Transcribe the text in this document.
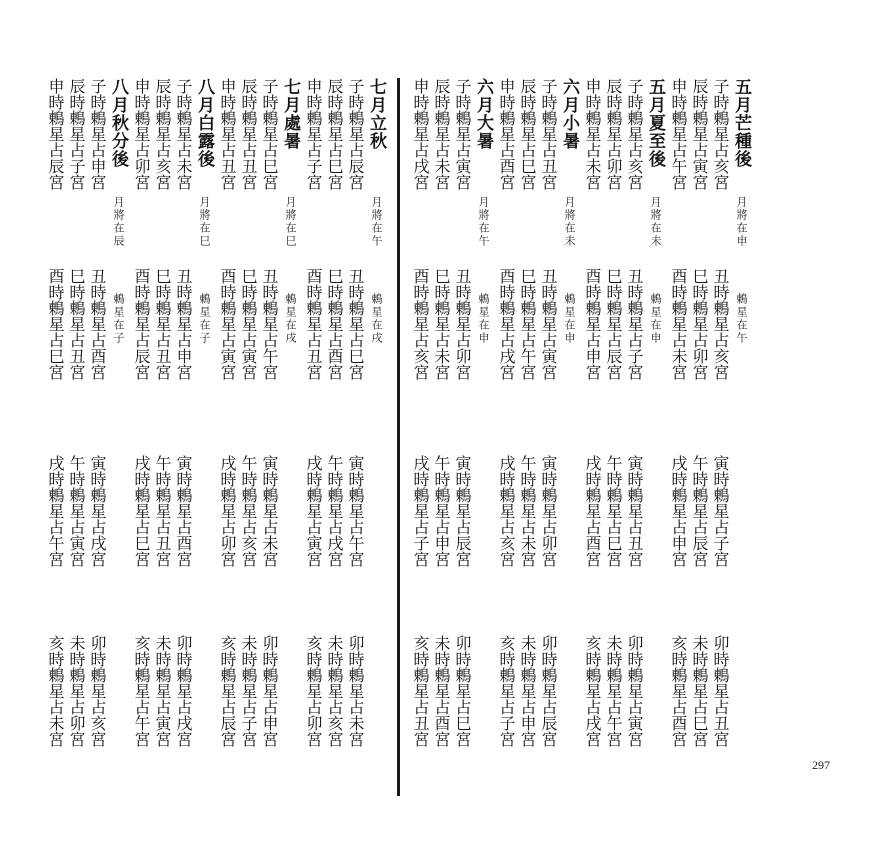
297
五月芒種後
月將在申
鶇星在午
子時鶇星占亥宮
丑時鶇星占亥宮
寅時鶇星占子宮
卯時鶇星占丑宮
辰時鶇星占寅宮
巳時鶇星占卯宮
午時鶇星占辰宮
未時鶇星占巳宮
申時鶇星占午宮
酉時鶇星占未宮
戌時鶇星占申宮
亥時鶇星占酉宮
五月夏至後
月將在未
鶇星在申
子時鶇星占亥宮
丑時鶇星占子宮
寅時鶇星占丑宮
卯時鶇星占寅宮
辰時鶇星占卯宮
巳時鶇星占辰宮
午時鶇星占巳宮
未時鶇星占午宮
申時鶇星占未宮
酉時鶇星占申宮
戌時鶇星占酉宮
亥時鶇星占戌宮
六月小暑
月將在未
鶇星在申
子時鶇星占丑宮
丑時鶇星占寅宮
寅時鶇星占卯宮
卯時鶇星占辰宮
辰時鶇星占巳宮
巳時鶇星占午宮
午時鶇星占未宮
未時鶇星占申宮
申時鶇星占酉宮
酉時鶇星占戌宮
戌時鶇星占亥宮
亥時鶇星占子宮
六月大暑
月將在午
鶇星在申
子時鶇星占寅宮
丑時鶇星占卯宮
寅時鶇星占辰宮
卯時鶇星占巳宮
辰時鶇星占未宮
巳時鶇星占未宮
午時鶇星占申宮
未時鶇星占酉宮
申時鶇星占戌宮
酉時鶇星占亥宮
戌時鶇星占子宮
亥時鶇星占丑宮
七月立秋
月將在午
鶇星在戌
子時鶇星占辰宮
丑時鶇星占巳宮
寅時鶇星占午宮
卯時鶇星占未宮
辰時鶇星占巳宮
巳時鶇星占酉宮
午時鶇星占戌宮
未時鶇星占亥宮
申時鶇星占子宮
酉時鶇星占丑宮
戌時鶇星占寅宮
亥時鶇星占卯宮
七月處暑
月將在巳
鶇星在戌
子時鶇星占巳宮
丑時鶇星占午宮
寅時鶇星占未宮
卯時鶇星占申宮
辰時鶇星占丑宮
巳時鶇星占寅宮
午時鶇星占亥宮
未時鶇星占子宮
申時鶇星占丑宮
酉時鶇星占寅宮
戌時鶇星占卯宮
亥時鶇星占辰宮
八月白露後
月將在巳
鶇星在子
子時鶇星占未宮
丑時鶇星占申宮
寅時鶇星占酉宮
卯時鶇星占戌宮
辰時鶇星占亥宮
巳時鶇星占丑宮
午時鶇星占丑宮
未時鶇星占寅宮
申時鶇星占卯宮
酉時鶇星占辰宮
戌時鶇星占巳宮
亥時鶇星占午宮
八月秋分後
月將在辰
鶇星在子
子時鶇星占申宮
丑時鶇星占酉宮
寅時鶇星占戌宮
卯時鶇星占亥宮
辰時鶇星占子宮
巳時鶇星占丑宮
午時鶇星占寅宮
未時鶇星占卯宮
申時鶇星占辰宮
酉時鶇星占巳宮
戌時鶇星占午宮
亥時鶇星占未宮
